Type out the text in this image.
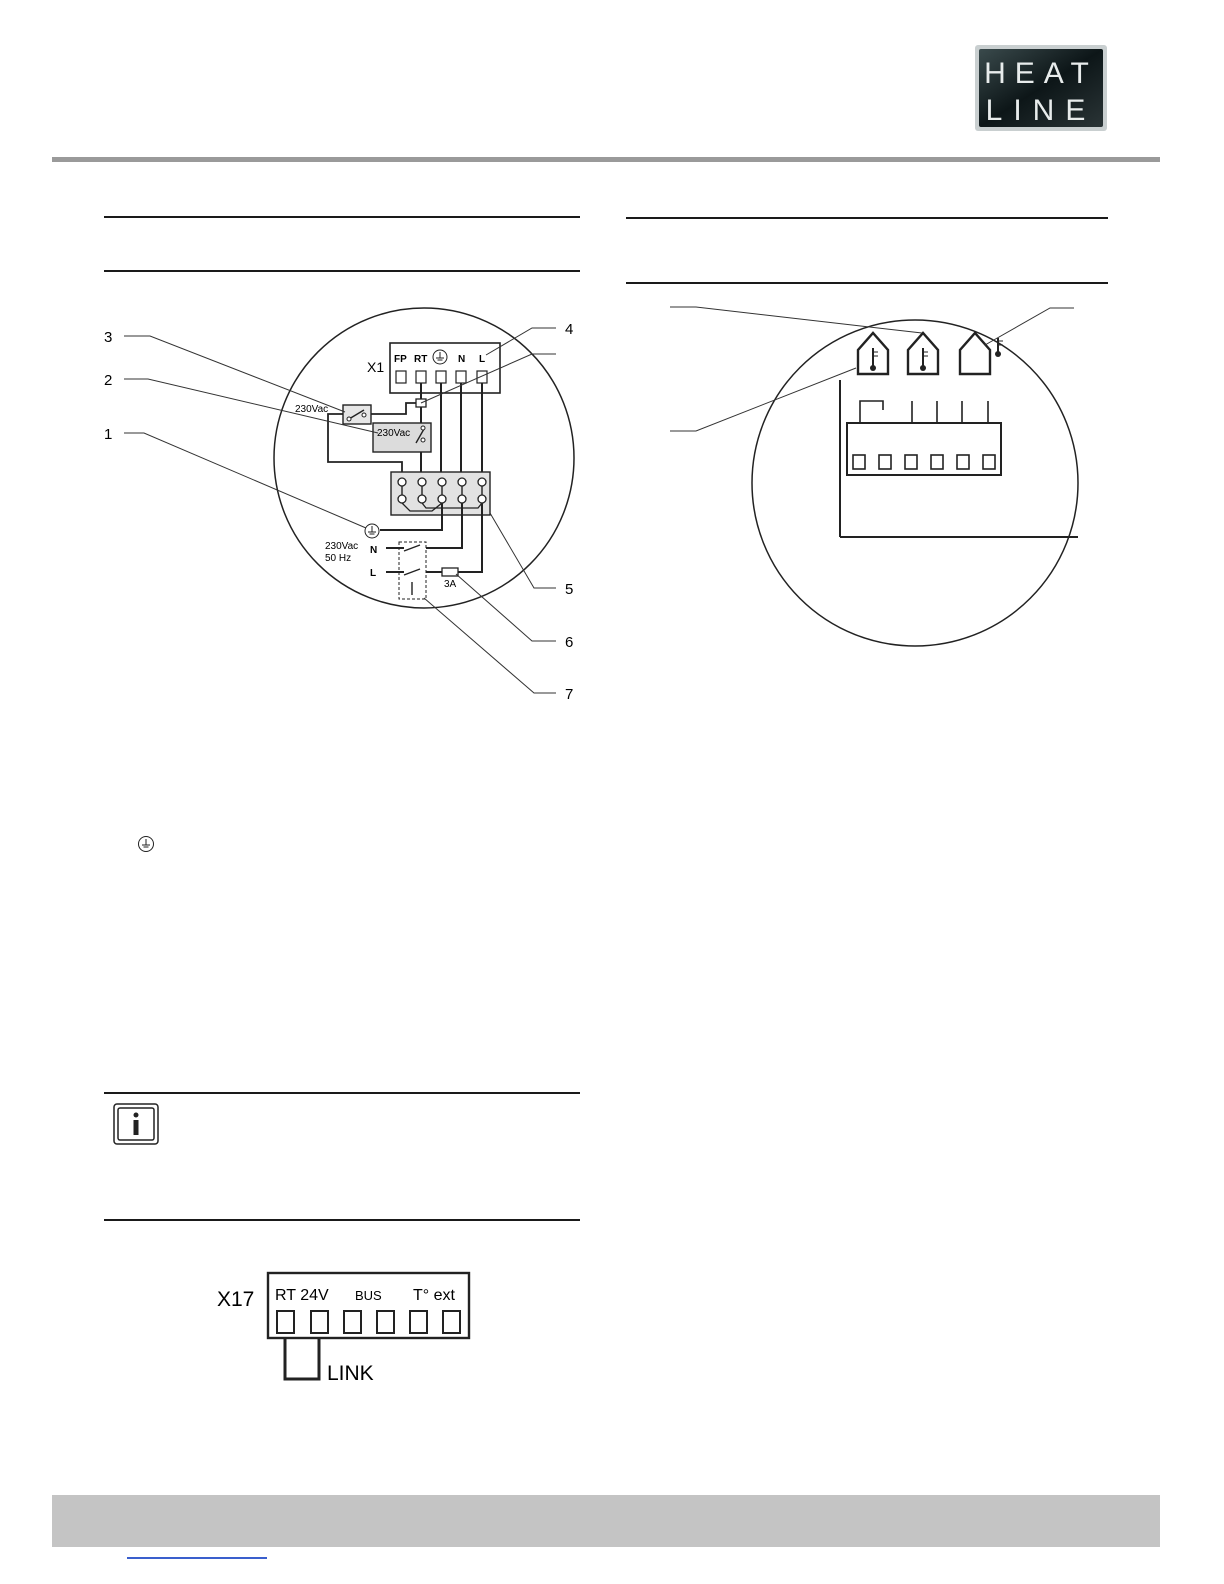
HEAT
LINE
X1 FP RT	N L
230Vac
230Vac
230Vac
50 Hz
N
L
3A
3
2
1
4
5
6
7
X17 RT 24V BUS T° ext
LINK
